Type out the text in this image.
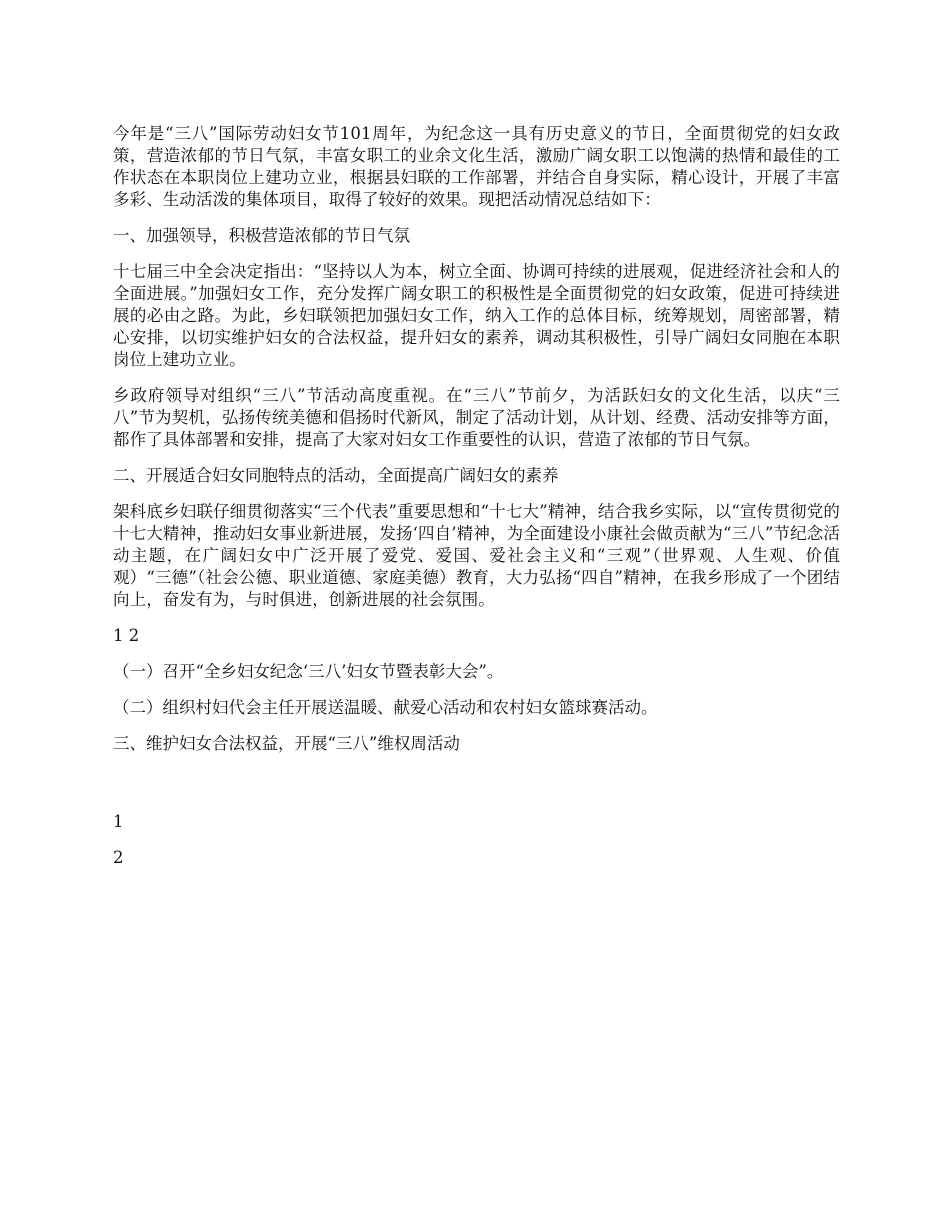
今年是“三八”国际劳动妇女节101周年，为纪念这一具有历史意义的节日，全面贯彻党的妇女政策，营造浓郁的节日气氛，丰富女职工的业余文化生活，激励广阔女职工以饱满的热情和最佳的工作状态在本职岗位上建功立业，根据县妇联的工作部署，并结合自身实际，精心设计，开展了丰富多彩、生动活泼的集体项目，取得了较好的效果。现把活动情况总结如下：

一、加强领导，积极营造浓郁的节日气氛

十七届三中全会决定指出：“坚持以人为本，树立全面、协调可持续的进展观，促进经济社会和人的全面进展。”加强妇女工作，充分发挥广阔女职工的积极性是全面贯彻党的妇女政策，促进可持续进展的必由之路。为此，乡妇联领把加强妇女工作，纳入工作的总体目标，统筹规划，周密部署，精心安排，以切实维护妇女的合法权益，提升妇女的素养，调动其积极性，引导广阔妇女同胞在本职岗位上建功立业。

乡政府领导对组织“三八”节活动高度重视。在“三八”节前夕，为活跃妇女的文化生活，以庆“三八”节为契机，弘扬传统美德和倡扬时代新风，制定了活动计划，从计划、经费、活动安排等方面，都作了具体部署和安排，提高了大家对妇女工作重要性的认识，营造了浓郁的节日气氛。

二、开展适合妇女同胞特点的活动，全面提高广阔妇女的素养

架科底乡妇联仔细贯彻落实“三个代表”重要思想和“十七大”精神，结合我乡实际，以“宣传贯彻党的十七大精神，推动妇女事业新进展，发扬‘四自’精神，为全面建设小康社会做贡献为“三八”节纪念活动主题，在广阔妇女中广泛开展了爱党、爱国、爱社会主义和“三观”（世界观、人生观、价值观）“三德”（社会公德、职业道德、家庭美德）教育，大力弘扬“四自”精神，在我乡形成了一个团结向上，奋发有为，与时俱进，创新进展的社会氛围。

1 2

（一）召开“全乡妇女纪念‘三八’妇女节暨表彰大会”。

（二）组织村妇代会主任开展送温暖、献爱心活动和农村妇女篮球赛活动。

三、维护妇女合法权益，开展“三八”维权周活动

1

2
